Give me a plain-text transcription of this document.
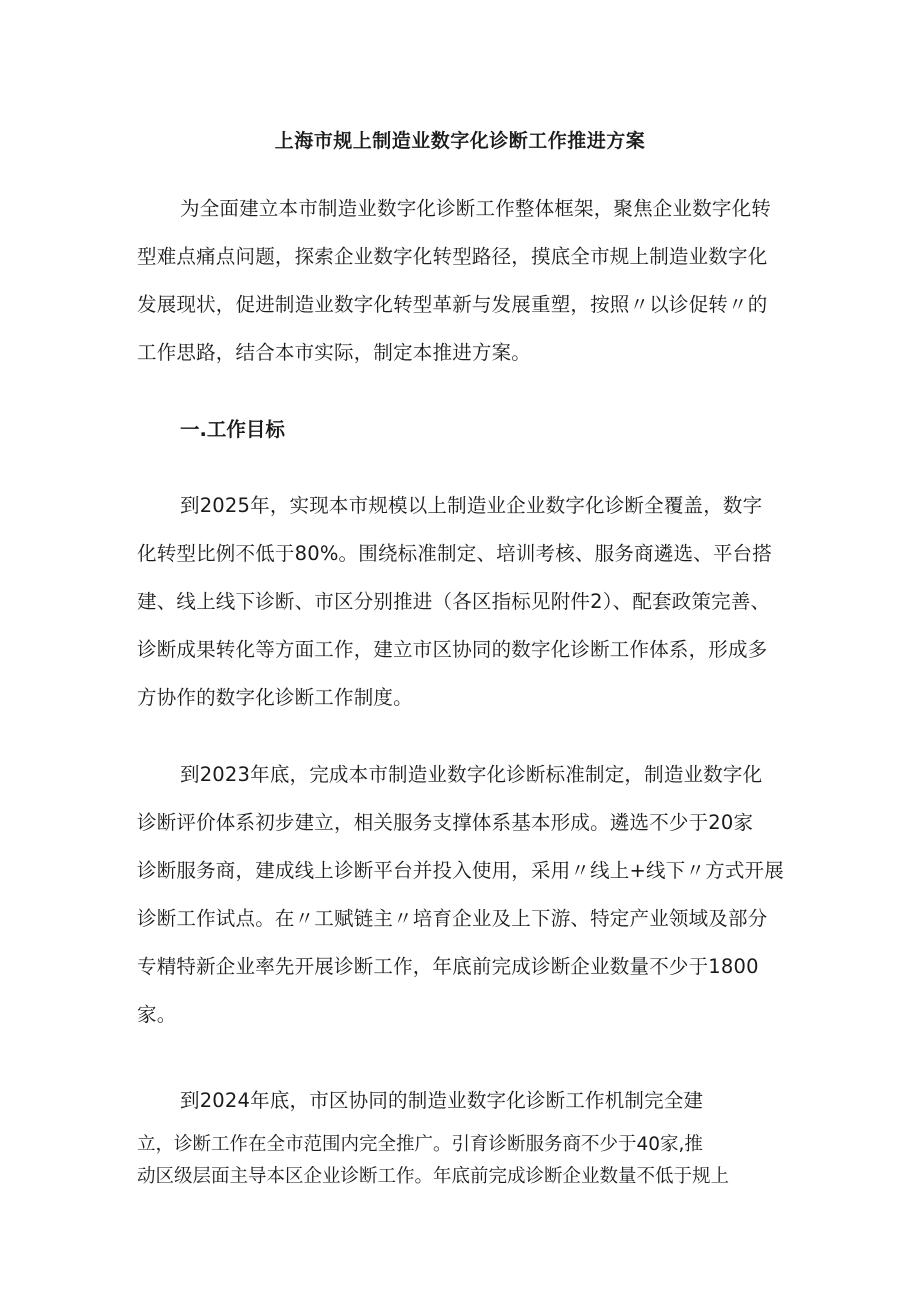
上海市规上制造业数字化诊断工作推进方案
为全面建立本市制造业数字化诊断工作整体框架，聚焦企业数字化转
型难点痛点问题，探索企业数字化转型路径，摸底全市规上制造业数字化
发展现状，促进制造业数字化转型革新与发展重塑，按照〃以诊促转〃的
工作思路，结合本市实际，制定本推进方案。
一.工作目标
到2025年，实现本市规模以上制造业企业数字化诊断全覆盖，数字
化转型比例不低于80%。围绕标准制定、培训考核、服务商遴选、平台搭
建、线上线下诊断、市区分别推进（各区指标见附件2）、配套政策完善、
诊断成果转化等方面工作，建立市区协同的数字化诊断工作体系，形成多
方协作的数字化诊断工作制度。
到2023年底，完成本市制造业数字化诊断标准制定，制造业数字化
诊断评价体系初步建立，相关服务支撑体系基本形成。遴选不少于20家
诊断服务商，建成线上诊断平台并投入使用，采用〃线上+线下〃方式开展
诊断工作试点。在〃工赋链主〃培育企业及上下游、特定产业领域及部分
专精特新企业率先开展诊断工作，年底前完成诊断企业数量不少于1800
家。
到2024年底，市区协同的制造业数字化诊断工作机制完全建
立，诊断工作在全市范围内完全推广。引育诊断服务商不少于40家,推
动区级层面主导本区企业诊断工作。年底前完成诊断企业数量不低于规上
